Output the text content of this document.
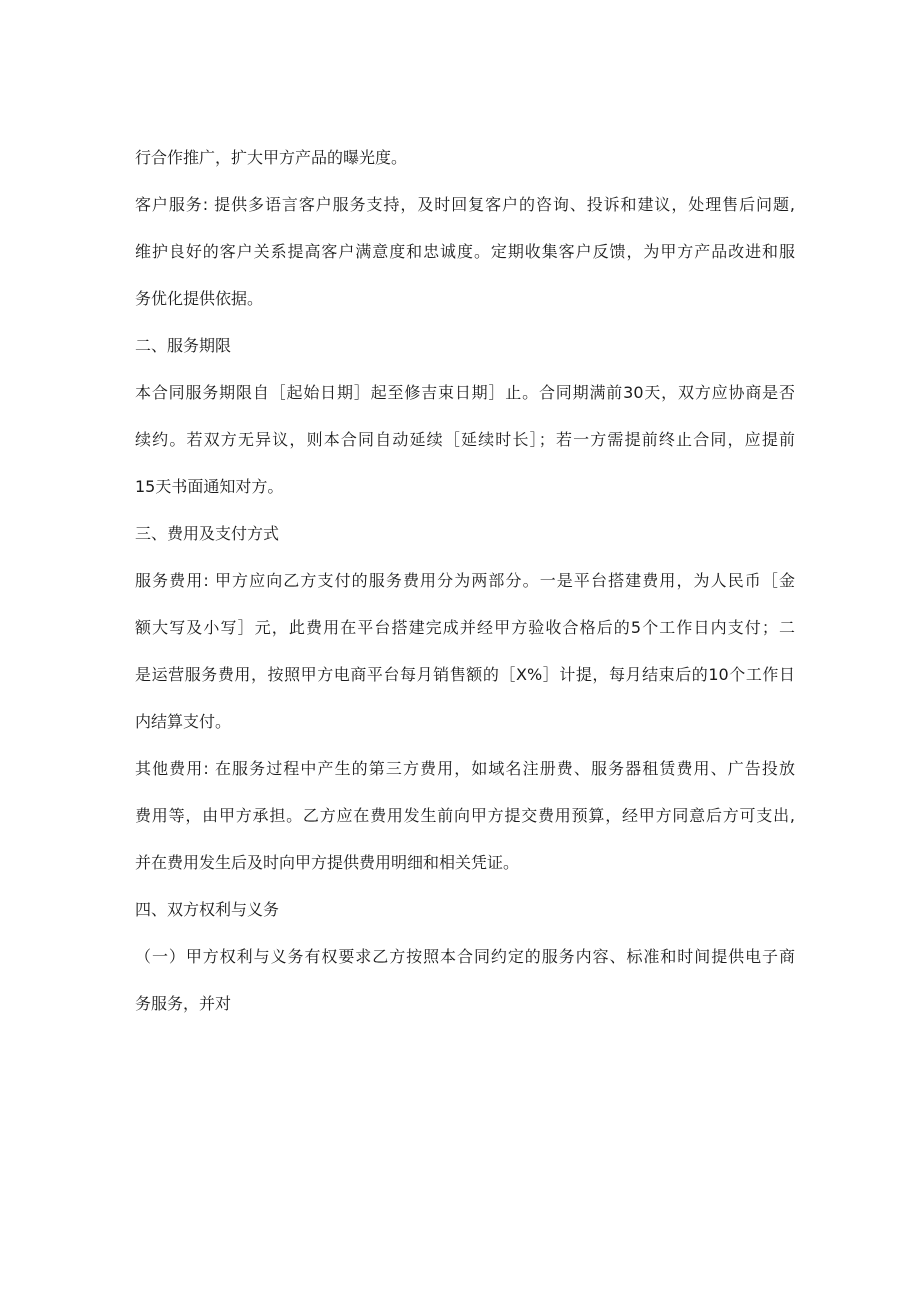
行合作推广，扩大甲方产品的曝光度。
客户服务: 提供多语言客户服务支持，及时回复客户的咨询、投诉和建议，处理售后问题,
维护良好的客户关系提高客户满意度和忠诚度。定期收集客户反馈，为甲方产品改进和服
务优化提供依据。
二、服务期限
本合同服务期限自［起始日期］起至修吉束日期］止。合同期满前30天，双方应协商是否
续约。若双方无异议，则本合同自动延续［延续时长］；若一方需提前终止合同，应提前
15天书面通知对方。
三、费用及支付方式
服务费用: 甲方应向乙方支付的服务费用分为两部分。一是平台搭建费用，为人民币［金
额大写及小写］元，此费用在平台搭建完成并经甲方验收合格后的5个工作日内支付；二
是运营服务费用，按照甲方电商平台每月销售额的［X%］计提，每月结束后的10个工作日
内结算支付。
其他费用: 在服务过程中产生的第三方费用，如域名注册费、服务器租赁费用、广告投放
费用等，由甲方承担。乙方应在费用发生前向甲方提交费用预算，经甲方同意后方可支出,
并在费用发生后及时向甲方提供费用明细和相关凭证。
四、双方权利与义务
（一）甲方权利与义务有权要求乙方按照本合同约定的服务内容、标准和时间提供电子商
务服务，并对
